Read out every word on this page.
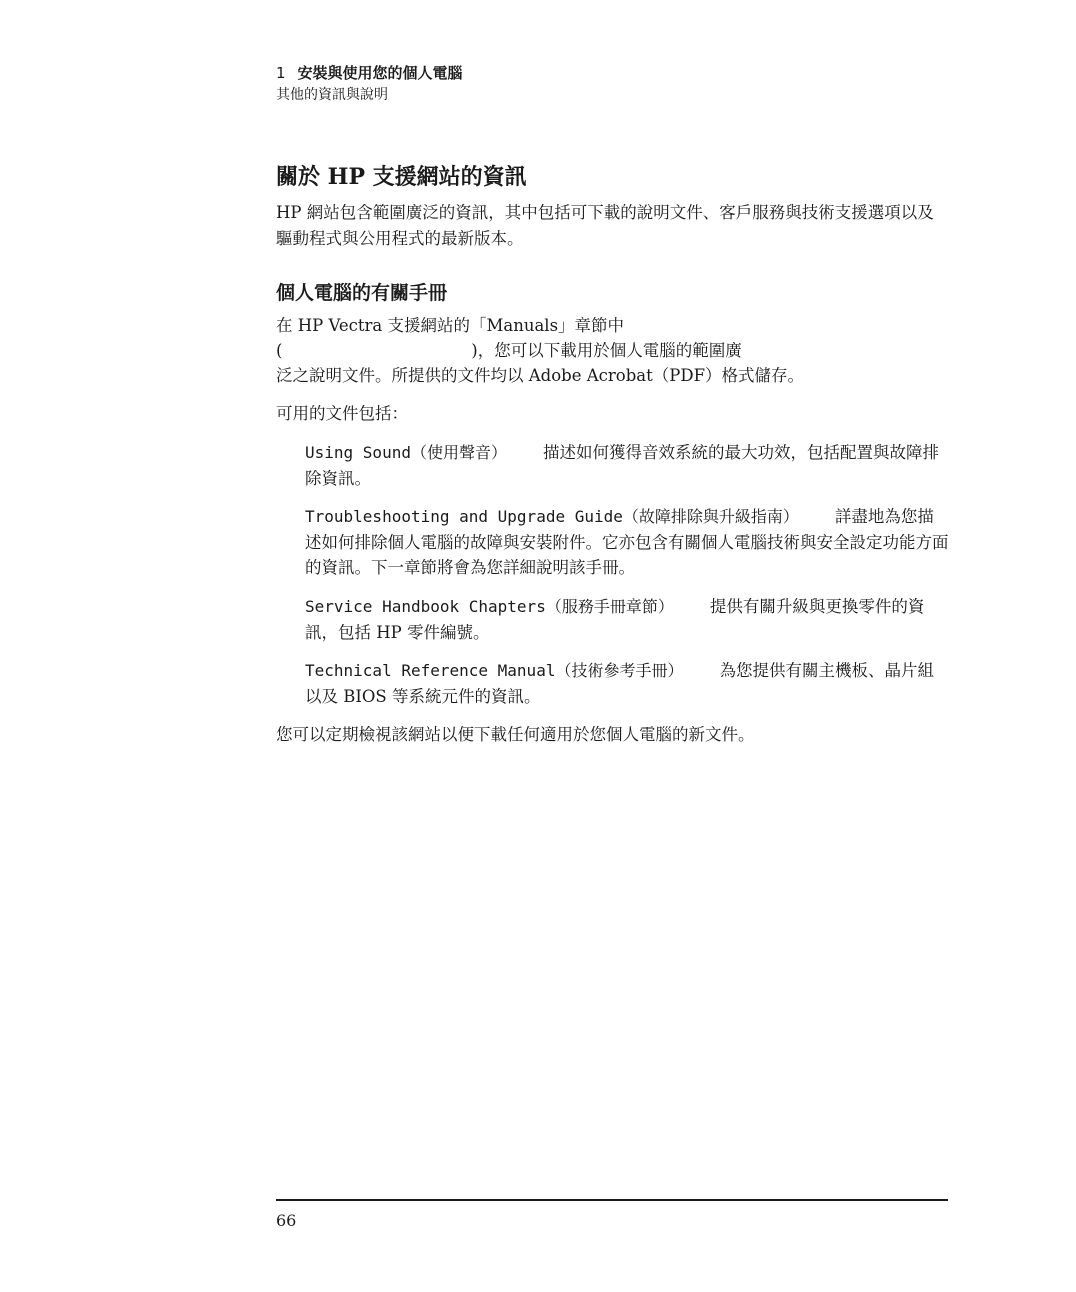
1 安裝與使用您的個人電腦
其他的資訊與說明
關於 HP 支援網站的資訊
HP 網站包含範圍廣泛的資訊，其中包括可下載的說明文件、客戶服務與技術支援選項以及驅動程式與公用程式的最新版本。
個人電腦的有關手冊
在 HP Vectra 支援網站的「Manuals」章節中
(                                    )，您可以下載用於個人電腦的範圍廣
泛之說明文件。所提供的文件均以 Adobe Acrobat（PDF）格式儲存。
可用的文件包括：
Using Sound（使用聲音） 描述如何獲得音效系統的最大功效，包括配置與故障排除資訊。
Troubleshooting and Upgrade Guide（故障排除與升級指南） 詳盡地為您描述如何排除個人電腦的故障與安裝附件。它亦包含有關個人電腦技術與安全設定功能方面的資訊。下一章節將會為您詳細說明該手冊。
Service Handbook Chapters（服務手冊章節） 提供有關升級與更換零件的資訊，包括 HP 零件編號。
Technical Reference Manual（技術參考手冊） 為您提供有關主機板、晶片組以及 BIOS 等系統元件的資訊。
您可以定期檢視該網站以便下載任何適用於您個人電腦的新文件。
66
